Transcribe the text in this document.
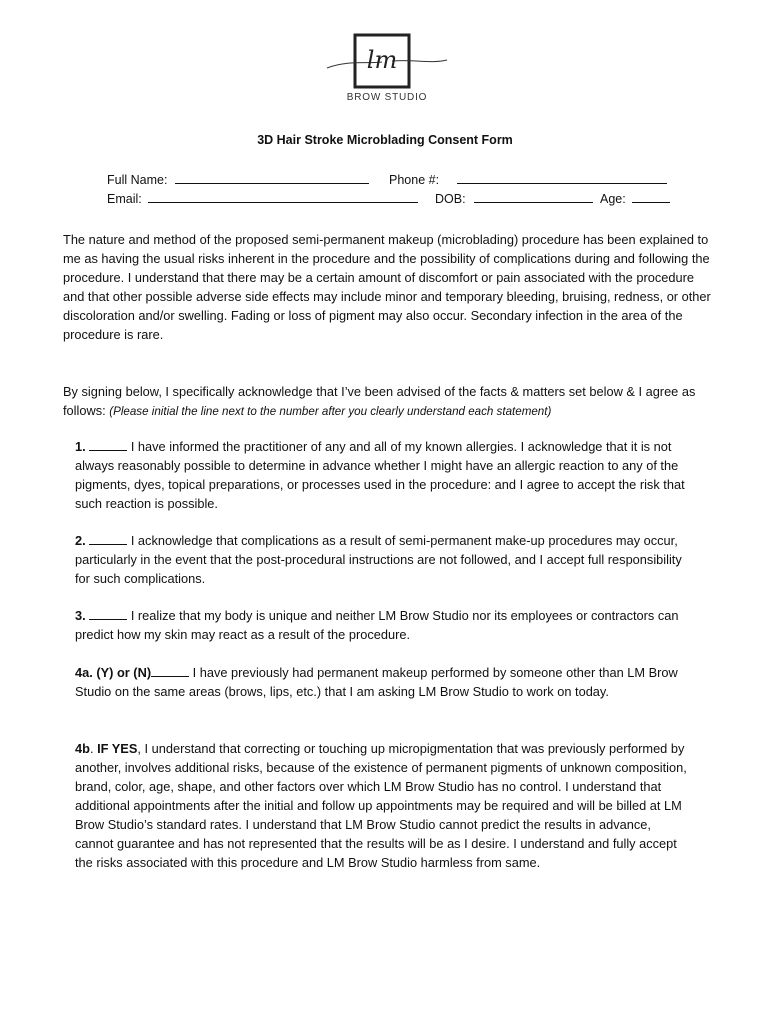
lm
BROW STUDIO
3D Hair Stroke Microblading Consent Form
Full Name:	Phone #:
Email:	DOB:	Age:

The nature and method of the proposed semi-permanent makeup (microblading) procedure has been explained to me as having the usual risks inherent in the procedure and the possibility of complications during and following the procedure. I understand that there may be a certain amount of discomfort or pain associated with the procedure and that other possible adverse side effects may include minor and temporary bleeding, bruising, redness, or other discoloration and/or swelling. Fading or loss of pigment may also occur. Secondary infection in the area of the procedure is rare.

By signing below, I specifically acknowledge that I’ve been advised of the facts & matters set below & I agree as follows: (Please initial the line next to the number after you clearly understand each statement)

1.	I have informed the practitioner of any and all of my known allergies. I acknowledge that it is not always reasonably possible to determine in advance whether I might have an allergic reaction to any of the pigments, dyes, topical preparations, or processes used in the procedure: and I agree to accept the risk that such reaction is possible.

2.	I acknowledge that complications as a result of semi-permanent make-up procedures may occur, particularly in the event that the post-procedural instructions are not followed, and I accept full responsibility for such complications.

3.	I realize that my body is unique and neither LM Brow Studio nor its employees or contractors can predict how my skin may react as a result of the procedure.

4a. (Y) or (N)	I have previously had permanent makeup performed by someone other than LM Brow Studio on the same areas (brows, lips, etc.) that I am asking LM Brow Studio to work on today.

4b. IF YES, I understand that correcting or touching up micropigmentation that was previously performed by another, involves additional risks, because of the existence of permanent pigments of unknown composition, brand, color, age, shape, and other factors over which LM Brow Studio has no control. I understand that additional appointments after the initial and follow up appointments may be required and will be billed at LM Brow Studio’s standard rates. I understand that LM Brow Studio cannot predict the results in advance, cannot guarantee and has not represented that the results will be as I desire. I understand and fully accept the risks associated with this procedure and LM Brow Studio harmless from same.
